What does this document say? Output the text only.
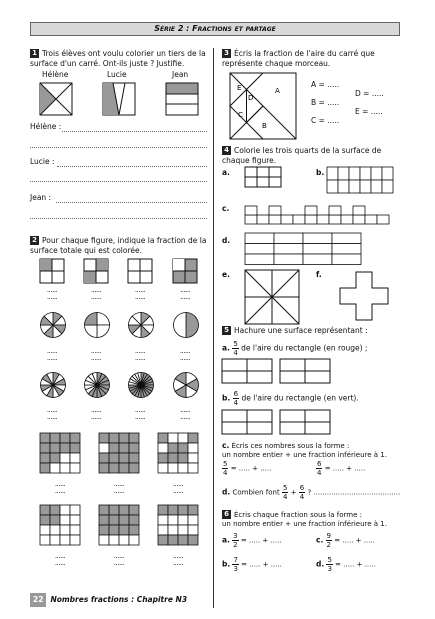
Série 2 : Fractions et partage
1 Trois élèves ont voulu colorier un tiers de la surface d'un carré. Ont-ils juste ? Justifie.
Hélène	Lucie	Jean
Hélène :
Lucie :
Jean :
2 Pour chaque figure, indique la fraction de la surface totale qui est colorée.
......
......
......
......
......
......
......
......
......
......
......
......
......
......
......
......
......
......
......
......
......
......
......
......
......
......
......
......
......
......
......
......
......
......
......
......
3 Écris la fraction de l'aire du carré que représente chaque morceau.
E
D
A
C
B
A = .....
B = .....
C = .....
D = .....
E = .....
4 Colorie les trois quarts de la surface de chaque figure.
a.	b.
c.
d.
e.	f.
5 Hachure une surface représentant :
a. $\frac{5}{4}$ de l'aire du rectangle (en rouge) ;
b. $\frac{6}{4}$ de l'aire du rectangle (en vert).
c. Écris ces nombres sous la forme :
un nombre entier + une fraction inférieure à 1.
$\frac{5}{4}$ = ..... + .....	$\frac{6}{4}$ = ..... + .....
d. Combien font $\frac{5}{4} + \frac{6}{4}$ ? .......................................
6 Écris chaque fraction sous la forme :
un nombre entier + une fraction inférieure à 1.
a. $\frac{3}{2}$ = ..... + .....	c. $\frac{9}{2}$ = ..... + .....
b. $\frac{7}{3}$ = ..... + .....	d. $\frac{5}{3}$ = ..... + .....
22 Nombres fractions : Chapitre N3
